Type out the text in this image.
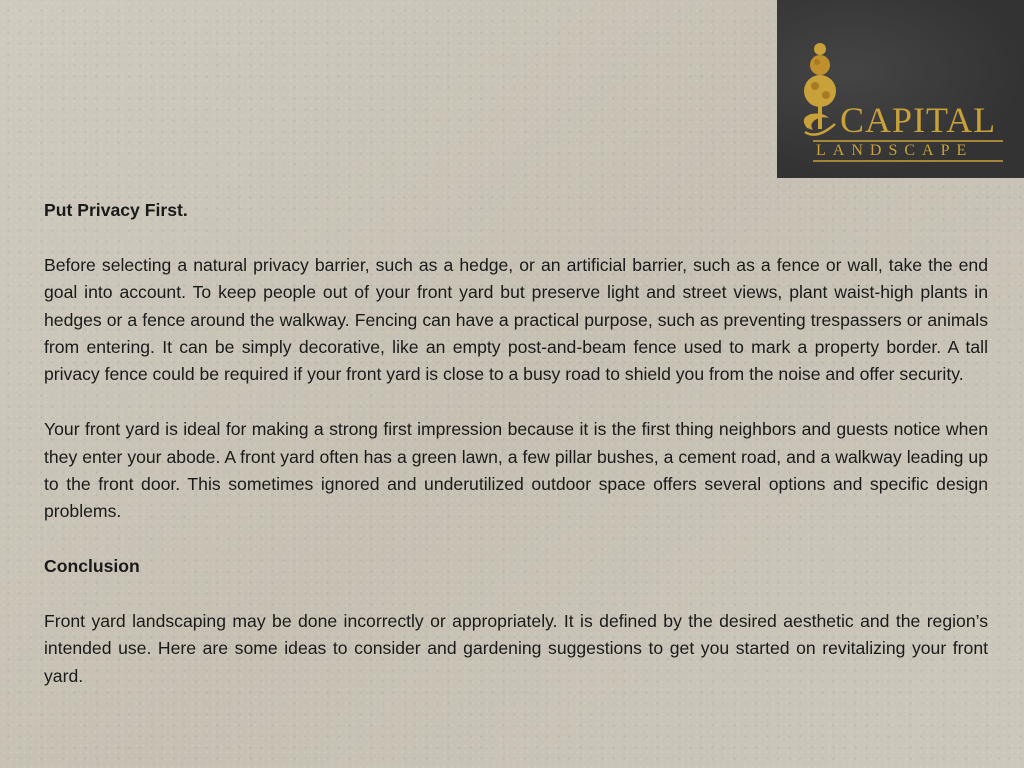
CAPITAL
LANDSCAPE
Put Privacy First.

Before selecting a natural privacy barrier, such as a hedge, or an artificial barrier, such as a fence or wall, take the end goal into account. To keep people out of your front yard but preserve light and street views, plant waist-high plants in hedges or a fence around the walkway. Fencing can have a practical purpose, such as preventing trespassers or animals from entering. It can be simply decorative, like an empty post-and-beam fence used to mark a property border. A tall privacy fence could be required if your front yard is close to a busy road to shield you from the noise and offer security.

Your front yard is ideal for making a strong first impression because it is the first thing neighbors and guests notice when they enter your abode. A front yard often has a green lawn, a few pillar bushes, a cement road, and a walkway leading up to the front door. This sometimes ignored and underutilized outdoor space offers several options and specific design problems.

Conclusion

Front yard landscaping may be done incorrectly or appropriately. It is defined by the desired aesthetic and the region’s intended use. Here are some ideas to consider and gardening suggestions to get you started on revitalizing your front yard.
